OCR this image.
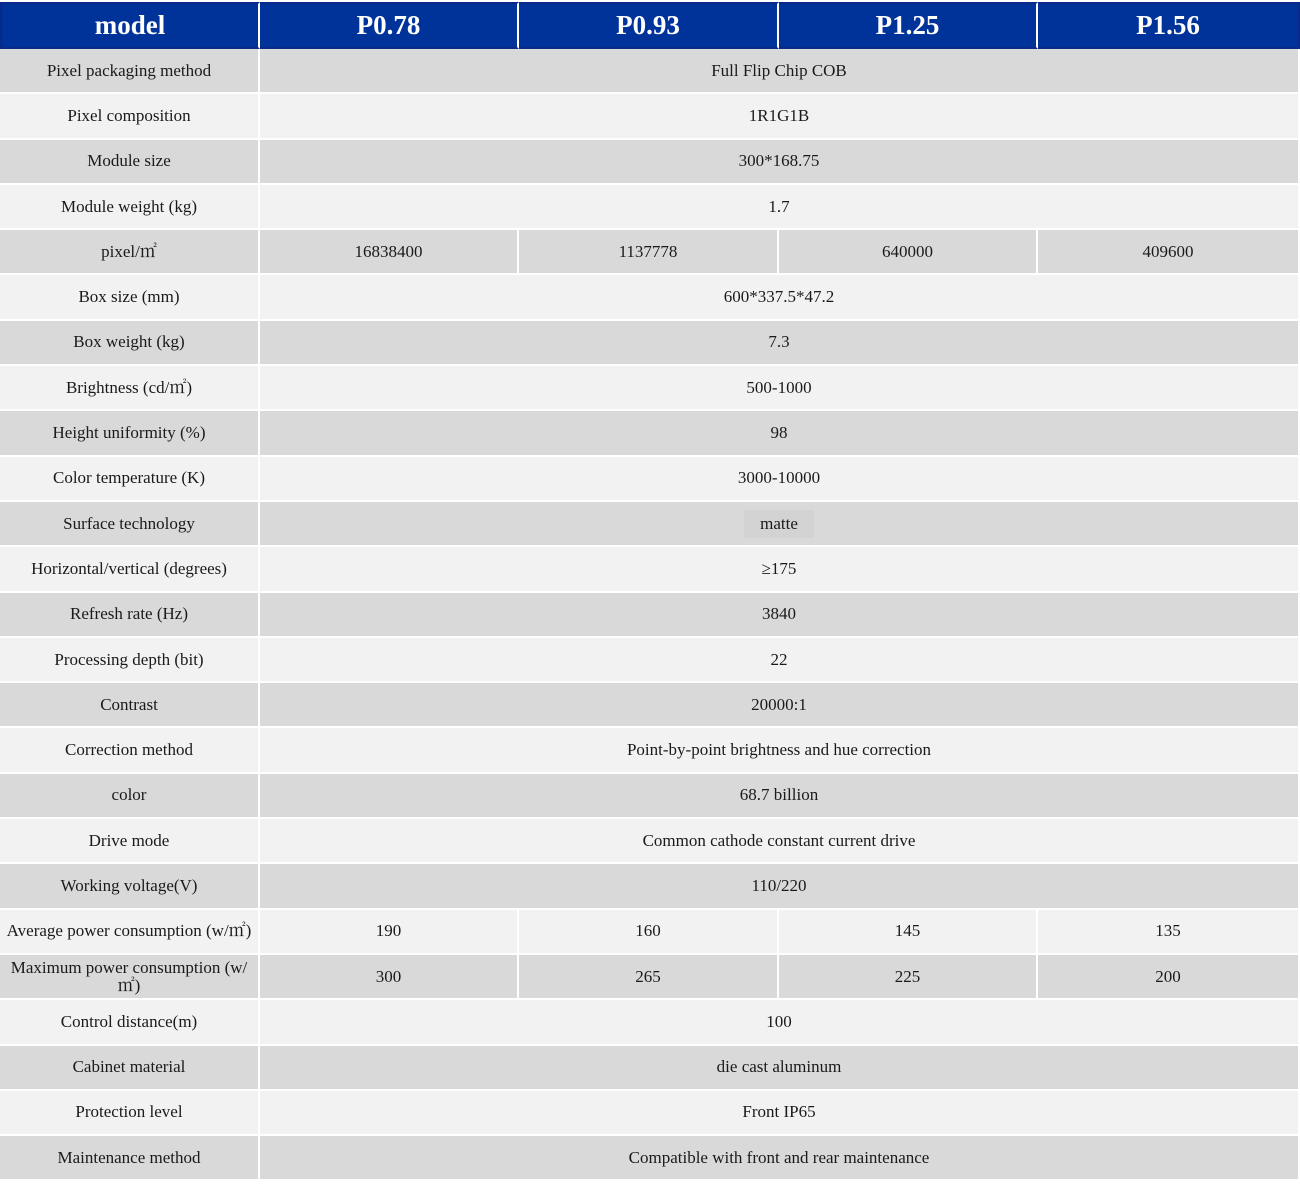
model	P0.78	P0.93	P1.25	P1.56
Pixel packaging method	Full Flip Chip COB			
Pixel composition	1R1G1B			
Module size	300*168.75			
Module weight (kg)	1.7			
pixel/㎡	16838400	1137778	640000	409600
Box size (mm)	600*337.5*47.2			
Box weight (kg)	7.3			
Brightness (cd/㎡)	500-1000			
Height uniformity (%)	98			
Color temperature (K)	3000-10000			
Surface technology	matte			
Horizontal/vertical (degrees)	≥175			
Refresh rate (Hz)	3840			
Processing depth (bit)	22			
Contrast	20000:1			
Correction method	Point-by-point brightness and hue correction			
color	68.7 billion			
Drive mode	Common cathode constant current drive			
Working voltage(V)	110/220			
Average power consumption (w/㎡)	190	160	145	135
Maximum power consumption (w/㎡)	300	265	225	200
Control distance(m)	100			
Cabinet material	die cast aluminum			
Protection level	Front IP65			
Maintenance method	Compatible with front and rear maintenance			
